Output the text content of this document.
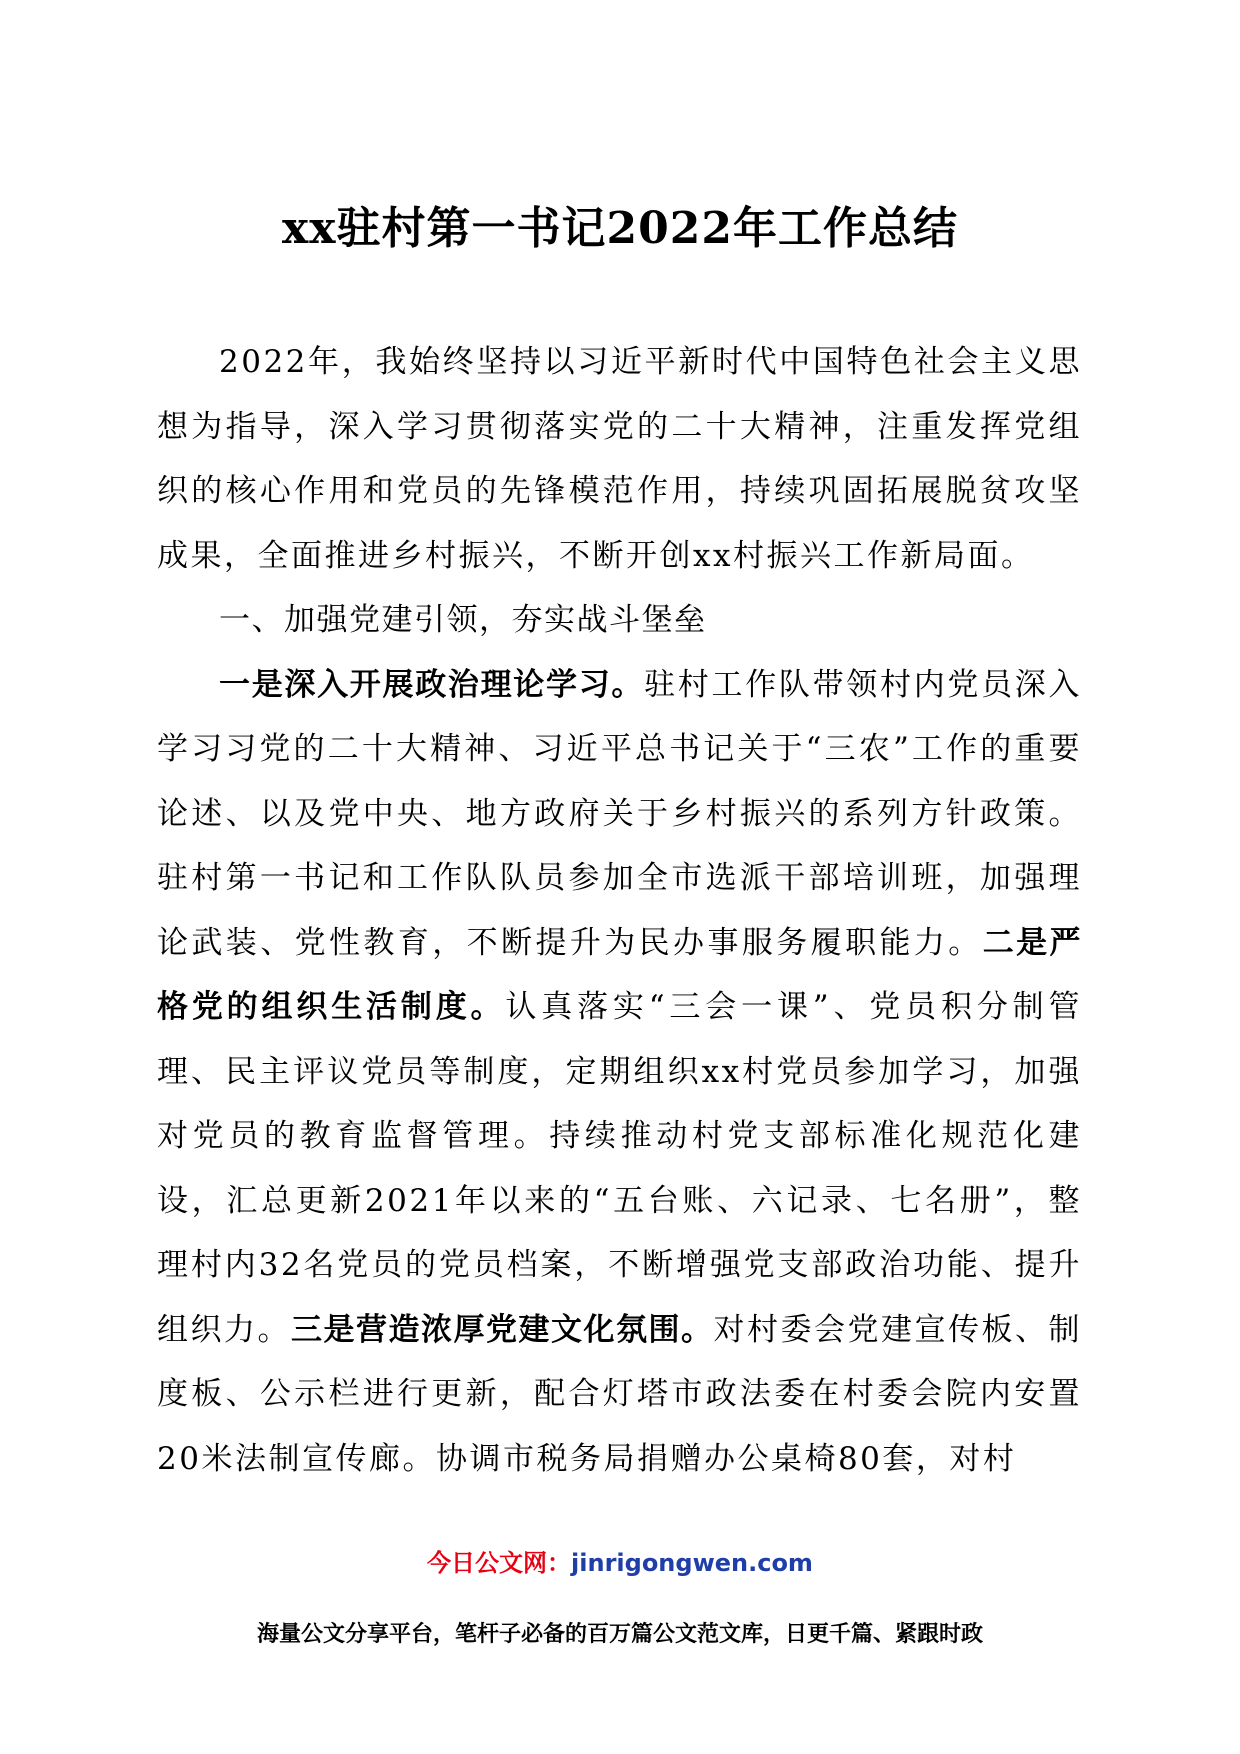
xx驻村第一书记2022年工作总结

2022年，我始终坚持以习近平新时代中国特色社会主义思想为指导，深入学习贯彻落实党的二十大精神，注重发挥党组织的核心作用和党员的先锋模范作用，持续巩固拓展脱贫攻坚成果，全面推进乡村振兴，不断开创xx村振兴工作新局面。

一、加强党建引领，夯实战斗堡垒

一是深入开展政治理论学习。驻村工作队带领村内党员深入学习习党的二十大精神、习近平总书记关于“三农”工作的重要论述、以及党中央、地方政府关于乡村振兴的系列方针政策。驻村第一书记和工作队队员参加全市选派干部培训班，加强理论武装、党性教育，不断提升为民办事服务履职能力。二是严格党的组织生活制度。认真落实“三会一课”、党员积分制管理、民主评议党员等制度，定期组织xx村党员参加学习，加强对党员的教育监督管理。持续推动村党支部标准化规范化建设，汇总更新2021年以来的“五台账、六记录、七名册”，整理村内32名党员的党员档案，不断增强党支部政治功能、提升组织力。三是营造浓厚党建文化氛围。对村委会党建宣传板、制度板、公示栏进行更新，配合灯塔市政法委在村委会院内安置20米法制宣传廊。协调市税务局捐赠办公桌椅80套，对村

今日公文网：jinrigongwen.com
海量公文分享平台，笔杆子必备的百万篇公文范文库，日更千篇、紧跟时政
